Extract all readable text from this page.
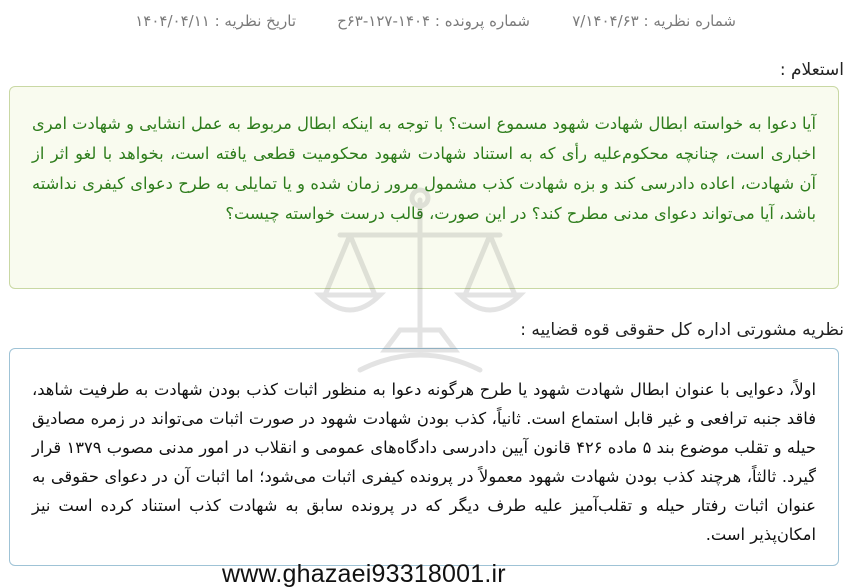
شماره نظریه : ۷/۱۴۰۴/۶۳
شماره پرونده : ۱۴۰۴-۱۲۷-۶۳ح
تاریخ نظریه : ۱۴۰۴/۰۴/۱۱
استعلام :
آیا دعوا به خواسته ابطال شهادت شهود مسموع است؟ با توجه به اینکه ابطال مربوط به عمل انشایی و شهادت امری اخباری است، چنانچه محکوم‌علیه رأی که به استناد شهادت شهود محکومیت قطعی یافته است، بخواهد با لغو اثر از آن شهادت، اعاده دادرسی کند و بزه شهادت کذب مشمول مرور زمان شده و یا تمایلی به طرح دعوای کیفری نداشته باشد، آیا می‌تواند دعوای مدنی مطرح کند؟ در این صورت، قالب درست خواسته چیست؟
نظریه مشورتی اداره کل حقوقی قوه قضاییه :
اولاً، دعوایی با عنوان ابطال شهادت شهود یا طرح هرگونه دعوا به منظور اثبات کذب بودن شهادت به طرفیت شاهد، فاقد جنبه ترافعی و غیر قابل استماع است. ثانیاً، کذب بودن شهادت شهود در صورت اثبات می‌تواند در زمره مصادیق حیله و تقلب موضوع بند ۵ ماده ۴۲۶ قانون آیین دادرسی دادگاه‌های عمومی و انقلاب در امور مدنی مصوب ۱۳۷۹ قرار گیرد. ثالثاً، هرچند کذب بودن شهادت شهود معمولاً در پرونده کیفری اثبات می‌شود؛ اما اثبات آن در دعوای حقوقی به عنوان اثبات رفتار حیله و تقلب‌آمیز علیه طرف دیگر که در پرونده سابق به شهادت کذب استناد کرده است نیز امکان‌پذیر است.
www.ghazaei93318001.ir
